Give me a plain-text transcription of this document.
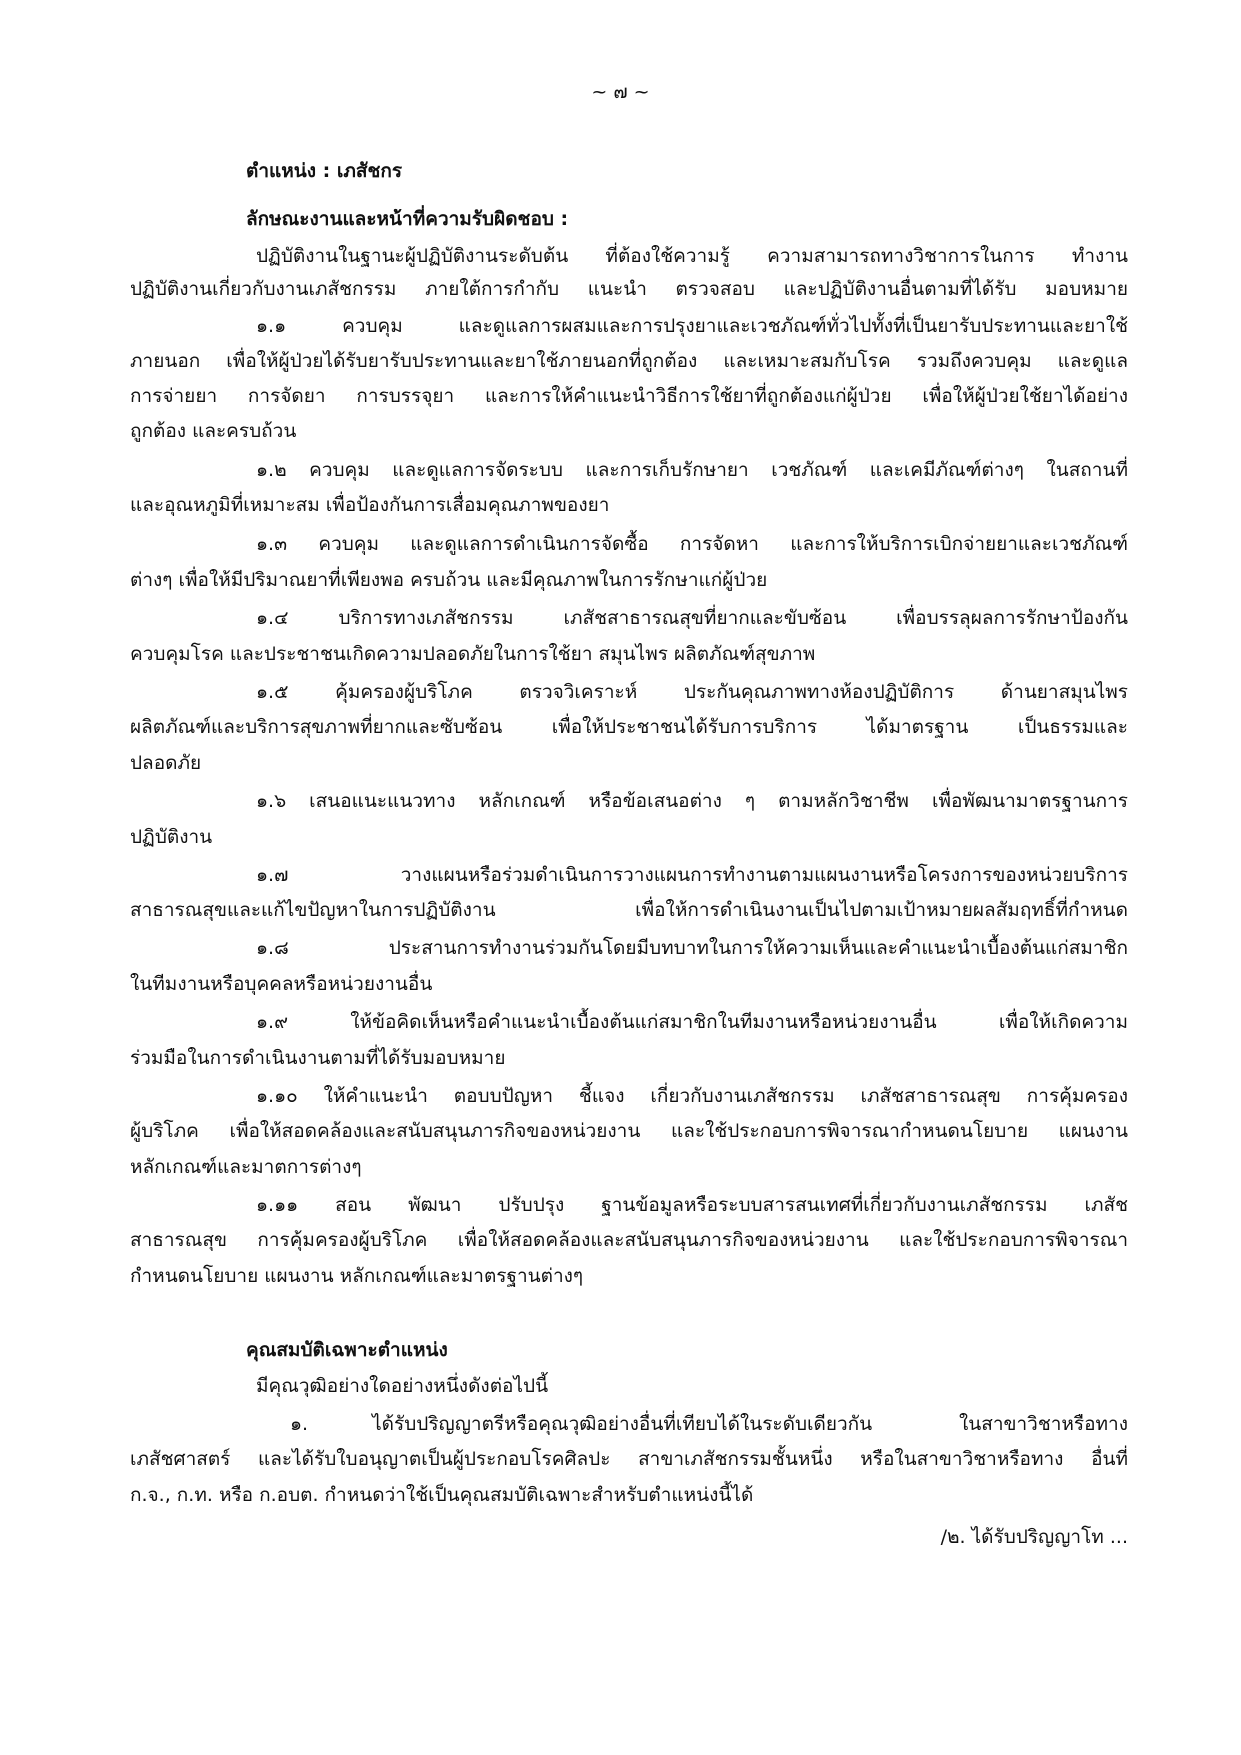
~ ๗ ~
ตำแหน่ง : เภสัชกร
ลักษณะงานและหน้าที่ความรับผิดชอบ :
ปฏิบัติงานในฐานะผู้ปฏิบัติงานระดับต้น ที่ต้องใช้ความรู้ ความสามารถทางวิชาการในการ ทำงาน
ปฏิบัติงานเกี่ยวกับงานเภสัชกรรม ภายใต้การกำกับ แนะนำ ตรวจสอบ และปฏิบัติงานอื่นตามที่ได้รับ มอบหมาย
๑.๑ ควบคุม และดูแลการผสมและการปรุงยาและเวชภัณฑ์ทั่วไปทั้งที่เป็นยารับประทานและยาใช้
ภายนอก เพื่อให้ผู้ป่วยได้รับยารับประทานและยาใช้ภายนอกที่ถูกต้อง และเหมาะสมกับโรค รวมถึงควบคุม และดูแล
การจ่ายยา การจัดยา การบรรจุยา และการให้คำแนะนำวิธีการใช้ยาที่ถูกต้องแก่ผู้ป่วย เพื่อให้ผู้ป่วยใช้ยาได้อย่าง
ถูกต้อง และครบถ้วน
๑.๒ ควบคุม และดูแลการจัดระบบ และการเก็บรักษายา เวชภัณฑ์ และเคมีภัณฑ์ต่างๆ ในสถานที่
และอุณหภูมิที่เหมาะสม เพื่อป้องกันการเสื่อมคุณภาพของยา
๑.๓ ควบคุม และดูแลการดำเนินการจัดซื้อ การจัดหา และการให้บริการเบิกจ่ายยาและเวชภัณฑ์
ต่างๆ เพื่อให้มีปริมาณยาที่เพียงพอ ครบถ้วน และมีคุณภาพในการรักษาแก่ผู้ป่วย
๑.๔ บริการทางเภสัชกรรม เภสัชสาธารณสุขที่ยากและขับซ้อน เพื่อบรรลุผลการรักษาป้องกัน
ควบคุมโรค และประชาชนเกิดความปลอดภัยในการใช้ยา สมุนไพร ผลิตภัณฑ์สุขภาพ
๑.๕ คุ้มครองผู้บริโภค ตรวจวิเคราะห์ ประกันคุณภาพทางห้องปฏิบัติการ ด้านยาสมุนไพร
ผลิตภัณฑ์และบริการสุขภาพที่ยากและซับซ้อน เพื่อให้ประชาชนได้รับการบริการ ได้มาตรฐาน เป็นธรรมและ
ปลอดภัย
๑.๖ เสนอแนะแนวทาง หลักเกณฑ์ หรือข้อเสนอต่าง ๆ ตามหลักวิชาชีพ เพื่อพัฒนามาตรฐานการ
ปฏิบัติงาน
๑.๗ วางแผนหรือร่วมดำเนินการวางแผนการทำงานตามแผนงานหรือโครงการของหน่วยบริการ
สาธารณสุขและแก้ไขปัญหาในการปฏิบัติงาน เพื่อให้การดำเนินงานเป็นไปตามเป้าหมายผลสัมฤทธิ์ที่กำหนด
๑.๘ ประสานการทำงานร่วมกันโดยมีบทบาทในการให้ความเห็นและคำแนะนำเบื้องต้นแก่สมาชิก
ในทีมงานหรือบุคคลหรือหน่วยงานอื่น
๑.๙ ให้ข้อคิดเห็นหรือคำแนะนำเบื้องต้นแก่สมาชิกในทีมงานหรือหน่วยงานอื่น เพื่อให้เกิดความ
ร่วมมือในการดำเนินงานตามที่ได้รับมอบหมาย
๑.๑๐ ให้คำแนะนำ ตอบบปัญหา ชี้แจง เกี่ยวกับงานเภสัชกรรม เภสัชสาธารณสุข การคุ้มครอง
ผู้บริโภค เพื่อให้สอดคล้องและสนับสนุนภารกิจของหน่วยงาน และใช้ประกอบการพิจารณากำหนดนโยบาย แผนงาน
หลักเกณฑ์และมาตการต่างๆ
๑.๑๑ สอน พัฒนา ปรับปรุง ฐานข้อมูลหรือระบบสารสนเทศที่เกี่ยวกับงานเภสัชกรรม เภสัช
สาธารณสุข การคุ้มครองผู้บริโภค เพื่อให้สอดคล้องและสนับสนุนภารกิจของหน่วยงาน และใช้ประกอบการพิจารณา
กำหนดนโยบาย แผนงาน หลักเกณฑ์และมาตรฐานต่างๆ
คุณสมบัติเฉพาะตำแหน่ง
มีคุณวุฒิอย่างใดอย่างหนึ่งดังต่อไปนี้
๑.	ได้รับปริญญาตรีหรือคุณวุฒิอย่างอื่นที่เทียบได้ในระดับเดียวกัน ในสาขาวิชาหรือทาง
เภสัชศาสตร์ และได้รับใบอนุญาตเป็นผู้ประกอบโรคศิลปะ สาขาเภสัชกรรมชั้นหนึ่ง หรือในสาขาวิชาหรือทาง อื่นที่
ก.จ., ก.ท. หรือ ก.อบต. กำหนดว่าใช้เป็นคุณสมบัติเฉพาะสำหรับตำแหน่งนี้ได้
/๒. ได้รับปริญญาโท ...
